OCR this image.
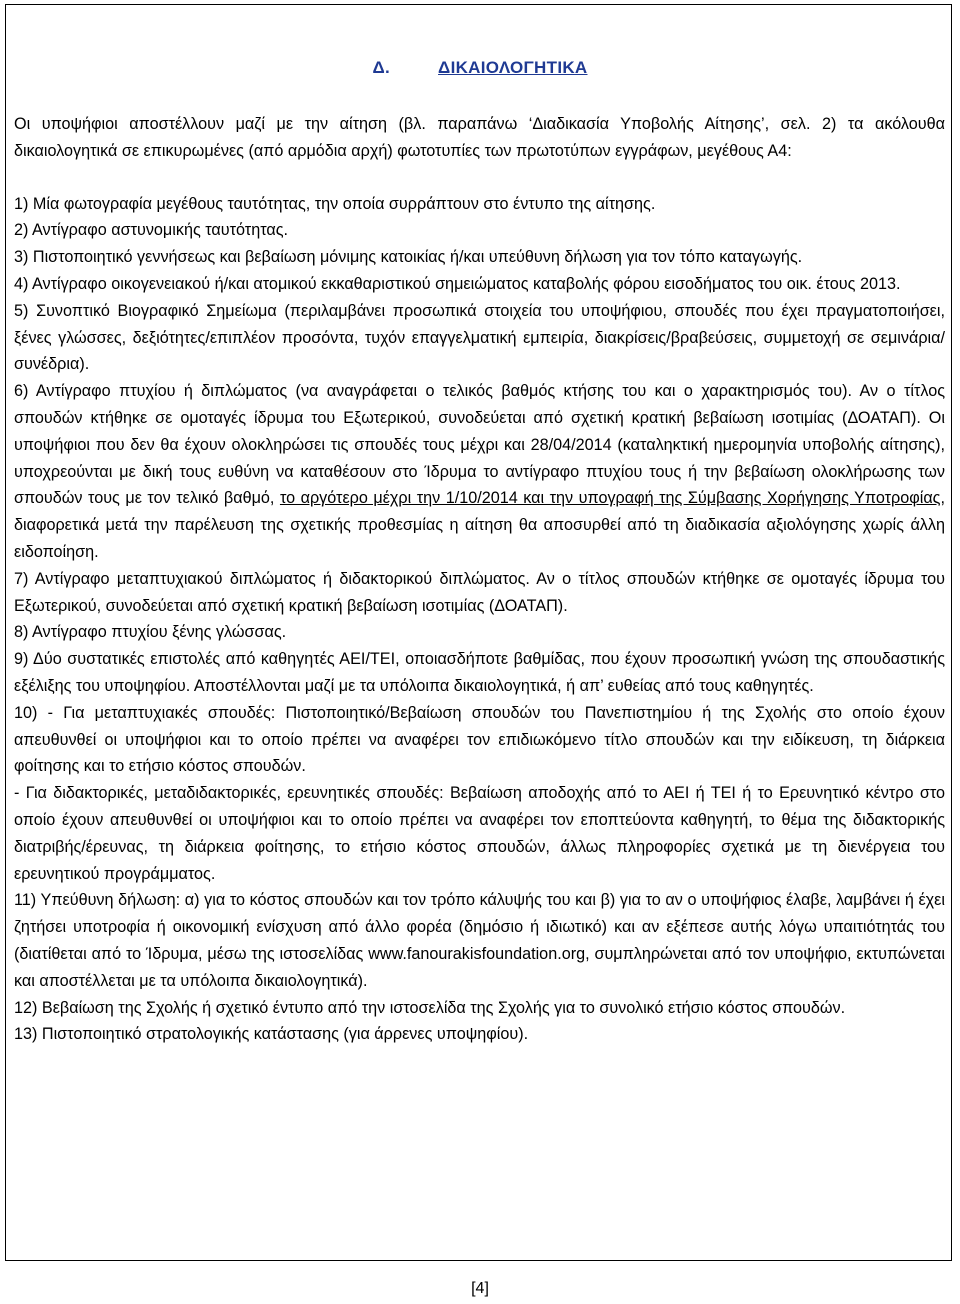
Δ.	ΔΙΚΑΙΟΛΟΓΗΤΙΚΑ

Οι υποψήφιοι αποστέλλουν μαζί με την αίτηση (βλ. παραπάνω ‘Διαδικασία Υποβολής Αίτησης’, σελ. 2) τα ακόλουθα δικαιολογητικά σε επικυρωμένες (από αρμόδια αρχή) φωτοτυπίες των πρωτοτύπων εγγράφων, μεγέθους Α4:

1) Μία φωτογραφία μεγέθους ταυτότητας, την οποία συρράπτουν στο έντυπο της αίτησης.

2) Αντίγραφο αστυνομικής ταυτότητας.

3) Πιστοποιητικό γεννήσεως και βεβαίωση μόνιμης κατοικίας ή/και υπεύθυνη δήλωση για τον τόπο καταγωγής.

4) Αντίγραφο οικογενειακού ή/και ατομικού εκκαθαριστικού σημειώματος καταβολής φόρου εισοδήματος του οικ. έτους 2013.

5) Συνοπτικό Βιογραφικό Σημείωμα (περιλαμβάνει προσωπικά στοιχεία του υποψήφιου, σπουδές που έχει πραγματοποιήσει, ξένες γλώσσες, δεξιότητες/επιπλέον προσόντα, τυχόν επαγγελματική εμπειρία, διακρίσεις/βραβεύσεις, συμμετοχή σε σεμινάρια/ συνέδρια).

6) Αντίγραφο πτυχίου ή διπλώματος (να αναγράφεται ο τελικός βαθμός κτήσης του και ο χαρακτηρισμός του). Αν ο τίτλος σπουδών κτήθηκε σε ομοταγές ίδρυμα του Εξωτερικού, συνοδεύεται από σχετική κρατική βεβαίωση ισοτιμίας (ΔΟΑΤΑΠ). Οι υποψήφιοι που δεν θα έχουν ολοκληρώσει τις σπουδές τους μέχρι και 28/04/2014 (καταληκτική ημερομηνία υποβολής αίτησης), υποχρεούνται με δική τους ευθύνη να καταθέσουν στο Ίδρυμα το αντίγραφο πτυχίου τους ή την βεβαίωση ολοκλήρωσης των σπουδών τους με τον τελικό βαθμό, το αργότερο μέχρι την 1/10/2014 και την υπογραφή της Σύμβασης Χορήγησης Υποτροφίας, διαφορετικά μετά την παρέλευση της σχετικής προθεσμίας η αίτηση θα αποσυρθεί από τη διαδικασία αξιολόγησης χωρίς άλλη ειδοποίηση.

7) Αντίγραφο μεταπτυχιακού διπλώματος ή διδακτορικού διπλώματος. Αν ο τίτλος σπουδών κτήθηκε σε ομοταγές ίδρυμα του Εξωτερικού, συνοδεύεται από σχετική κρατική βεβαίωση ισοτιμίας (ΔΟΑΤΑΠ).

8) Αντίγραφο πτυχίου ξένης γλώσσας.

9) Δύο συστατικές επιστολές από καθηγητές ΑΕΙ/ΤΕΙ, οποιασδήποτε βαθμίδας, που έχουν προσωπική γνώση της σπουδαστικής εξέλιξης του υποψηφίου. Αποστέλλονται μαζί με τα υπόλοιπα δικαιολογητικά, ή απ’ ευθείας από τους καθηγητές.

10) - Για μεταπτυχιακές σπουδές: Πιστοποιητικό/Βεβαίωση σπουδών του Πανεπιστημίου ή της Σχολής στο οποίο έχουν απευθυνθεί οι υποψήφιοι και το οποίο πρέπει να αναφέρει τον επιδιωκόμενο τίτλο σπουδών και την ειδίκευση, τη διάρκεια φοίτησης και το ετήσιο κόστος σπουδών.

- Για διδακτορικές, μεταδιδακτορικές, ερευνητικές σπουδές: Βεβαίωση αποδοχής από το ΑΕΙ ή ΤΕΙ ή το Ερευνητικό κέντρο στο οποίο έχουν απευθυνθεί οι υποψήφιοι και το οποίο πρέπει να αναφέρει τον εποπτεύοντα καθηγητή, το θέμα της διδακτορικής διατριβής/έρευνας, τη διάρκεια φοίτησης, το ετήσιο κόστος σπουδών, άλλως πληροφορίες σχετικά με τη διενέργεια του ερευνητικού προγράμματος.

11) Υπεύθυνη δήλωση: α) για το κόστος σπουδών και τον τρόπο κάλυψής του και β) για το αν ο υποψήφιος έλαβε, λαμβάνει ή έχει ζητήσει υποτροφία ή οικονομική ενίσχυση από άλλο φορέα (δημόσιο ή ιδιωτικό) και αν εξέπεσε αυτής λόγω υπαιτιότητάς του (διατίθεται από το Ίδρυμα, μέσω της ιστοσελίδας www.fanourakisfoundation.org, συμπληρώνεται από τον υποψήφιο, εκτυπώνεται και αποστέλλεται με τα υπόλοιπα δικαιολογητικά).

12) Βεβαίωση της Σχολής ή σχετικό έντυπο από την ιστοσελίδα της Σχολής για το συνολικό ετήσιο κόστος σπουδών.

13) Πιστοποιητικό στρατολογικής κατάστασης (για άρρενες υποψηφίου).

[4]
